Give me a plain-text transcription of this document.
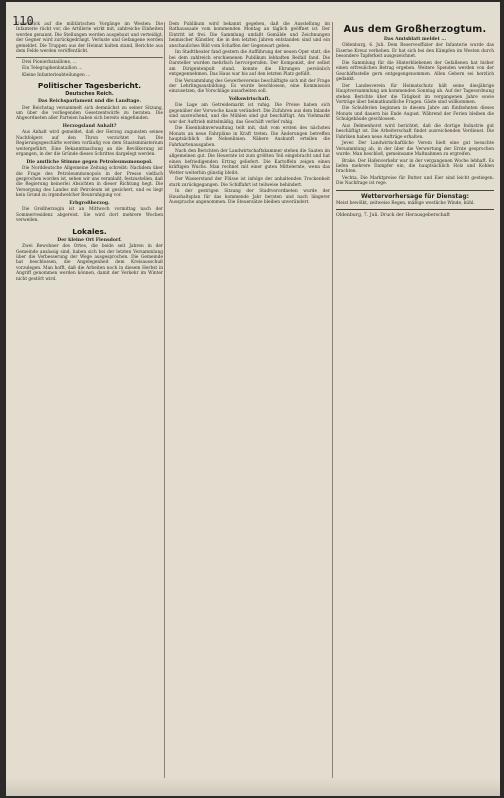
110

Ueberblick auf die militärischen Vorgänge im Westen: Die Infanterie rückt vor, die Artillerie wirkt mit, zahlreiche Einheiten werden genannt. Die Stellungen werden ausgebaut und verteidigt, der Gegner wird zurückgedrängt. Verluste und Gefangene werden gemeldet. Die Truppen aus der Heimat halten stand, Berichte aus dem Felde werden veröffentlicht.

Drei Pionierbataillone, ...

Ein Telegraphenbataillon ...

Kleine Infanterieabteilungen ...

Politischer Tagesbericht.
Deutsches Reich.
Das Reichsparlament und die Landtage.

Der Reichstag versammelt sich demnächst zu seiner Sitzung, um über die vorliegenden Gesetzentwürfe zu beraten. Die Abgeordneten aller Parteien haben sich bereits eingefunden.

Herzogsland Anhalt?

Aus Anhalt wird gemeldet, daß der Herzog zugunsten seines Nachfolgers auf den Thron verzichtet hat. Die Regierungsgeschäfte werden vorläufig von dem Staatsministerium weitergeführt. Eine Bekanntmachung an die Bevölkerung ist ergangen, in der die Gründe dieses Schrittes dargelegt werden.

Die amtliche Stimme gegen Petroleumsmonopol.

Die Norddeutsche Allgemeine Zeitung schreibt: Nachdem über die Frage des Petroleummonopols in der Presse vielfach gesprochen worden ist, sehen wir uns veranlaßt, festzustellen, daß die Regierung keinerlei Absichten in dieser Richtung hegt. Die Versorgung des Landes mit Petroleum ist gesichert, und es liegt kein Grund zu irgendwelcher Beunruhigung vor.

Erbgroßherzog.

Die Großherzogin ist an Mittwoch vormittag nach der Sommerresidenz abgereist. Sie wird dort mehrere Wochen verweilen.

Lokales.
Der kleine Ort Flensdorf.

Zwei Bewohner des Ortes, die beide seit Jahren in der Gemeinde ansässig sind, haben sich bei der letzten Versammlung über die Verbesserung der Wege ausgesprochen. Die Gemeinde hat beschlossen, die Angelegenheit dem Kreisausschuß vorzulegen. Man hofft, daß die Arbeiten noch in diesem Herbst in Angriff genommen werden können, damit der Verkehr im Winter nicht gestört wird.

Dem Publikum wird bekannt gegeben, daß die Ausstellung im Rathaussaale vom kommenden Montag an täglich geöffnet ist. Der Eintritt ist frei. Die Sammlung umfaßt Gemälde und Zeichnungen heimischer Künstler, die in den letzten Jahren entstanden sind und ein anschauliches Bild vom Schaffen der Gegenwart geben.

Im Stadttheater fand gestern die Aufführung der neuen Oper statt, die bei dem zahlreich erschienenen Publikum lebhaften Beifall fand. Die Darsteller wurden mehrfach hervorgerufen. Der Komponist, der selbst am Dirigentenpult stand, konnte die Ehrungen persönlich entgegennehmen. Das Haus war bis auf den letzten Platz gefüllt.

Die Versammlung des Gewerbevereins beschäftigte sich mit der Frage der Lehrlingsausbildung. Es wurde beschlossen, eine Kommission einzusetzen, die Vorschläge ausarbeiten soll.

Volkswirtschaft.

Die Lage am Getreidemarkt ist ruhig. Die Preise haben sich gegenüber der Vorwoche kaum verändert. Die Zufuhren aus dem Inlande sind ausreichend, und die Mühlen sind gut beschäftigt. Am Viehmarkt war der Auftrieb mittelmäßig, das Geschäft verlief ruhig.

Die Eisenbahnverwaltung teilt mit, daß vom ersten des nächsten Monats an neue Fahrpläne in Kraft treten. Die Änderungen betreffen hauptsächlich die Nebenlinien. Nähere Auskunft erteilen die Fahrkartenausgaben.

Nach den Berichten der Landwirtschaftskammer stehen die Saaten im allgemeinen gut. Die Heuernte ist zum größten Teil eingebracht und hat einen befriedigenden Ertrag geliefert. Die Kartoffeln zeigen einen kräftigen Wuchs. Man rechnet mit einer guten Mittelernte, wenn das Wetter weiterhin günstig bleibt.

Der Wasserstand der Flüsse ist infolge der anhaltenden Trockenheit stark zurückgegangen. Die Schiffahrt ist teilweise behindert.

In der gestrigen Sitzung der Stadtverordneten wurde der Haushaltsplan für das kommende Jahr beraten und nach längerer Aussprache angenommen. Die Steuersätze bleiben unverändert.

Aus dem Großherzogtum.
Das Amtsblatt meldet ...

Oldenburg, 6. Juli. Dem Reserveoffizier der Infanterie wurde das Eiserne Kreuz verliehen. Er hat sich bei den Kämpfen im Westen durch besondere Tapferkeit ausgezeichnet.

Die Sammlung für die Hinterbliebenen der Gefallenen hat bisher einen erfreulichen Betrag ergeben. Weitere Spenden werden von der Geschäftsstelle gern entgegengenommen. Allen Gebern sei herzlich gedankt.

Der Landesverein für Heimatschutz hält seine diesjährige Hauptversammlung am kommenden Sonntag ab. Auf der Tagesordnung stehen Berichte über die Tätigkeit im vergangenen Jahre sowie Vorträge über heimatkundliche Fragen. Gäste sind willkommen.

Die Schulferien beginnen in diesem Jahre am fünfzehnten dieses Monats und dauern bis Ende August. Während der Ferien bleiben die Schulgebäude geschlossen.

Aus Delmenhorst wird berichtet, daß die dortige Industrie gut beschäftigt ist. Die Arbeiterschaft findet ausreichenden Verdienst. Die Fabriken haben neue Aufträge erhalten.

Jever. Der Landwirtschaftliche Verein hielt eine gut besuchte Versammlung ab, in der über die Verwertung der Ernte gesprochen wurde. Man beschloß, gemeinsame Maßnahmen zu ergreifen.

Brake. Der Hafenverkehr war in der vergangenen Woche lebhaft. Es liefen mehrere Dampfer ein, die hauptsächlich Holz und Kohlen brachten.

Vechta. Die Marktpreise für Butter und Eier sind leicht gestiegen. Die Nachfrage ist rege.

Wettervorhersage für Dienstag:

Meist bewölkt, zeitweise Regen, mäßige westliche Winde, kühl.

Oldenburg, 7. Juli. Druck der Herausgeberschaft
